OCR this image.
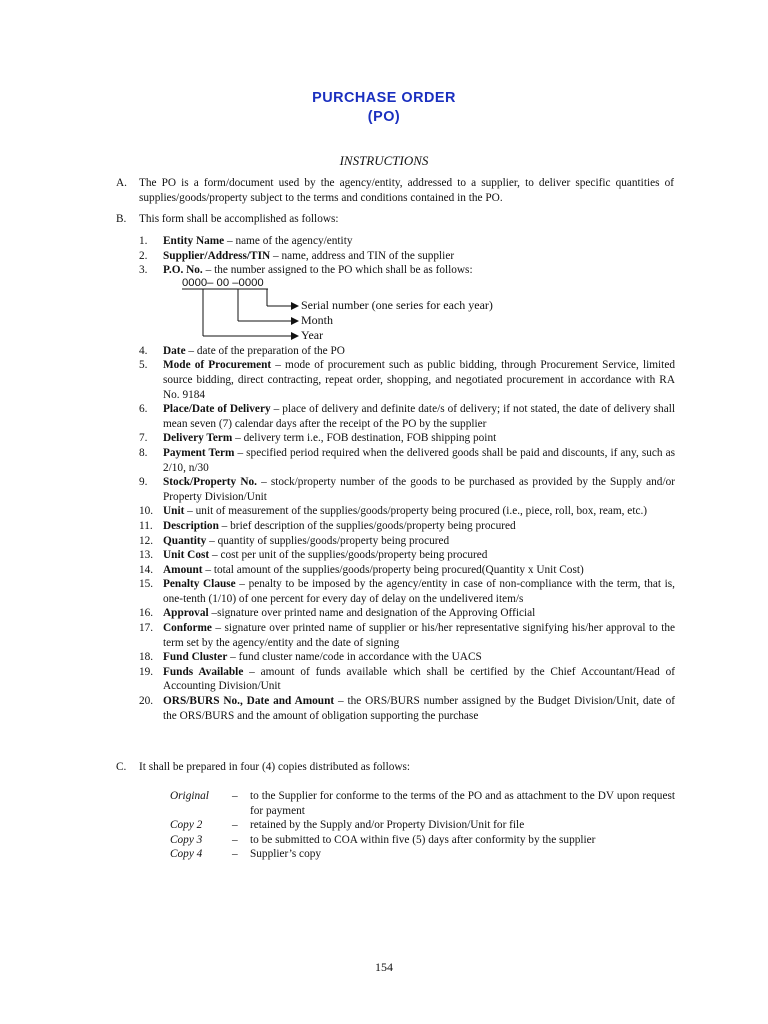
PURCHASE ORDER
(PO)
INSTRUCTIONS
A. The PO is a form/document used by the agency/entity, addressed to a supplier, to deliver specific quantities of supplies/goods/property subject to the terms and conditions contained in the PO.
B. This form shall be accomplished as follows:
1. Entity Name – name of the agency/entity
2. Supplier/Address/TIN – name, address and TIN of the supplier
3. P.O. No. – the number assigned to the PO which shall be as follows:
0000– 00 –0000
Serial number (one series for each year)
Month
Year
4. Date – date of the preparation of the PO
5. Mode of Procurement – mode of procurement such as public bidding, through Procurement Service, limited source bidding, direct contracting, repeat order, shopping, and negotiated procurement in accordance with RA No. 9184
6. Place/Date of Delivery – place of delivery and definite date/s of delivery; if not stated, the date of delivery shall mean seven (7) calendar days after the receipt of the PO by the supplier
7. Delivery Term – delivery term i.e., FOB destination, FOB shipping point
8. Payment Term – specified period required when the delivered goods shall be paid and discounts, if any, such as 2/10, n/30
9. Stock/Property No. – stock/property number of the goods to be purchased as provided by the Supply and/or Property Division/Unit
10. Unit – unit of measurement of the supplies/goods/property being procured (i.e., piece, roll, box, ream, etc.)
11. Description – brief description of the supplies/goods/property being procured
12. Quantity – quantity of supplies/goods/property being procured
13. Unit Cost – cost per unit of the supplies/goods/property being procured
14. Amount – total amount of the supplies/goods/property being procured(Quantity x Unit Cost)
15. Penalty Clause – penalty to be imposed by the agency/entity in case of non-compliance with the term, that is, one-tenth (1/10) of one percent for every day of delay on the undelivered item/s
16. Approval –signature over printed name and designation of the Approving Official
17. Conforme – signature over printed name of supplier or his/her representative signifying his/her approval to the term set by the agency/entity and the date of signing
18. Fund Cluster – fund cluster name/code in accordance with the UACS
19. Funds Available – amount of funds available which shall be certified by the Chief Accountant/Head of Accounting Division/Unit
20. ORS/BURS No., Date and Amount – the ORS/BURS number assigned by the Budget Division/Unit, date of the ORS/BURS and the amount of obligation supporting the purchase
C. It shall be prepared in four (4) copies distributed as follows:
Original – to the Supplier for conforme to the terms of the PO and as attachment to the DV upon request for payment
Copy 2	– retained by the Supply and/or Property Division/Unit for file
Copy 3	– to be submitted to COA within five (5) days after conformity by the supplier
Copy 4	– Supplier’s copy
154
